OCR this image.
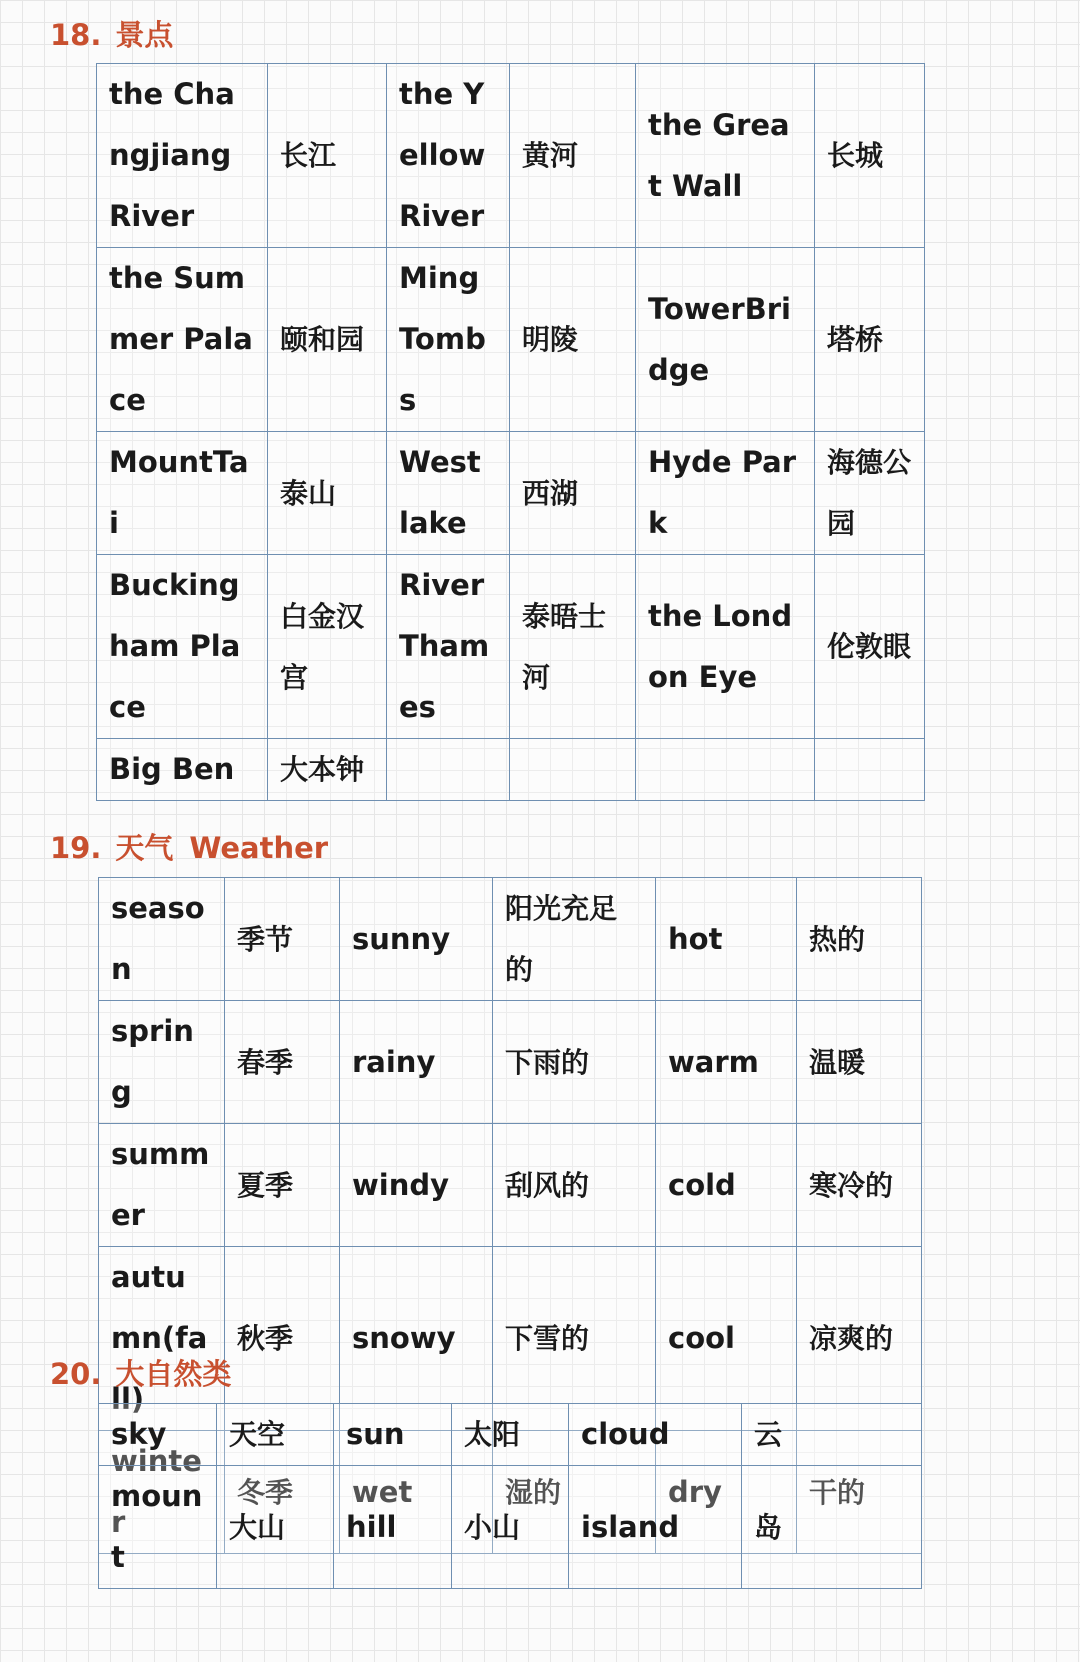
18. 景点
the Changjiang River	长江	the Yellow River	黄河	the Great Wall	长城
the Summer Palace	颐和园	Ming Tombs	明陵	TowerBridge	塔桥
MountTai	泰山	West lake	西湖	Hyde Park	海德公园
Buckingham Place	白金汉宫	River Thames	泰晤士河	the London Eye	伦敦眼
Big Ben	大本钟				
19. 天气 Weather
season	季节	sunny	阳光充足的	hot	热的
spring	春季	rainy	下雨的	warm	温暖
summer	夏季	windy	刮风的	cold	寒冷的
autumn(fall)	秋季	snowy	下雪的	cool	凉爽的
winter	冬季	wet	湿的	dry	干的
20. 大自然类
sky	天空	sun	太阳	cloud	云
mount	大山	hill	小山	island	岛
